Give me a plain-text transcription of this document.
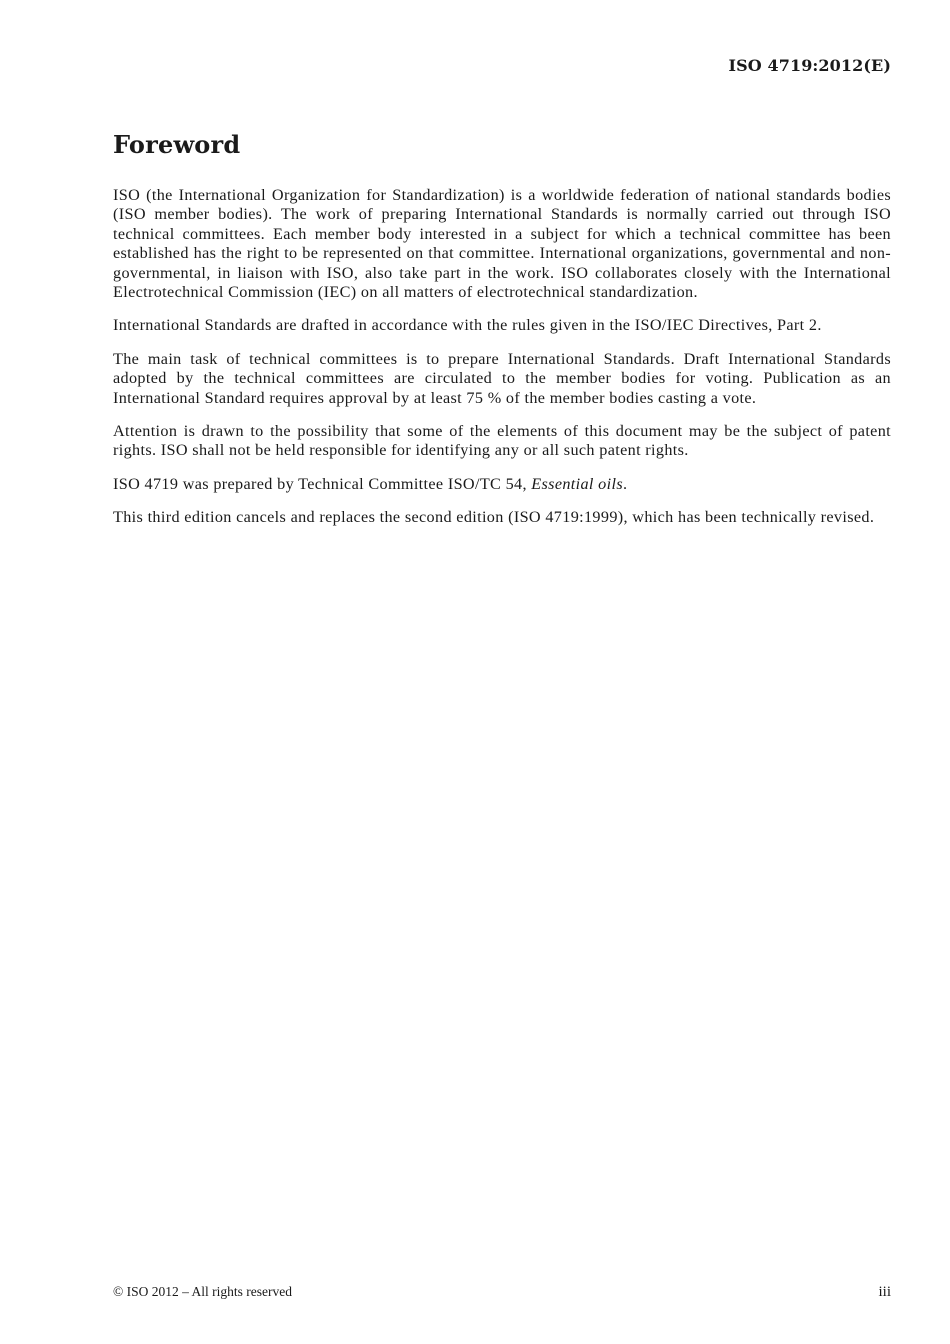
ISO 4719:2012(E)

Foreword

ISO (the International Organization for Standardization) is a worldwide federation of national standards bodies (ISO member bodies). The work of preparing International Standards is normally carried out through ISO technical committees. Each member body interested in a subject for which a technical committee has been established has the right to be represented on that committee. International organizations, governmental and non-governmental, in liaison with ISO, also take part in the work. ISO collaborates closely with the International Electrotechnical Commission (IEC) on all matters of electrotechnical standardization.

International Standards are drafted in accordance with the rules given in the ISO/IEC Directives, Part 2.

The main task of technical committees is to prepare International Standards. Draft International Standards adopted by the technical committees are circulated to the member bodies for voting. Publication as an International Standard requires approval by at least 75 % of the member bodies casting a vote.

Attention is drawn to the possibility that some of the elements of this document may be the subject of patent rights. ISO shall not be held responsible for identifying any or all such patent rights.

ISO 4719 was prepared by Technical Committee ISO/TC 54, Essential oils.

This third edition cancels and replaces the second edition (ISO 4719:1999), which has been technically revised.

© ISO 2012 – All rights reserved	iii
